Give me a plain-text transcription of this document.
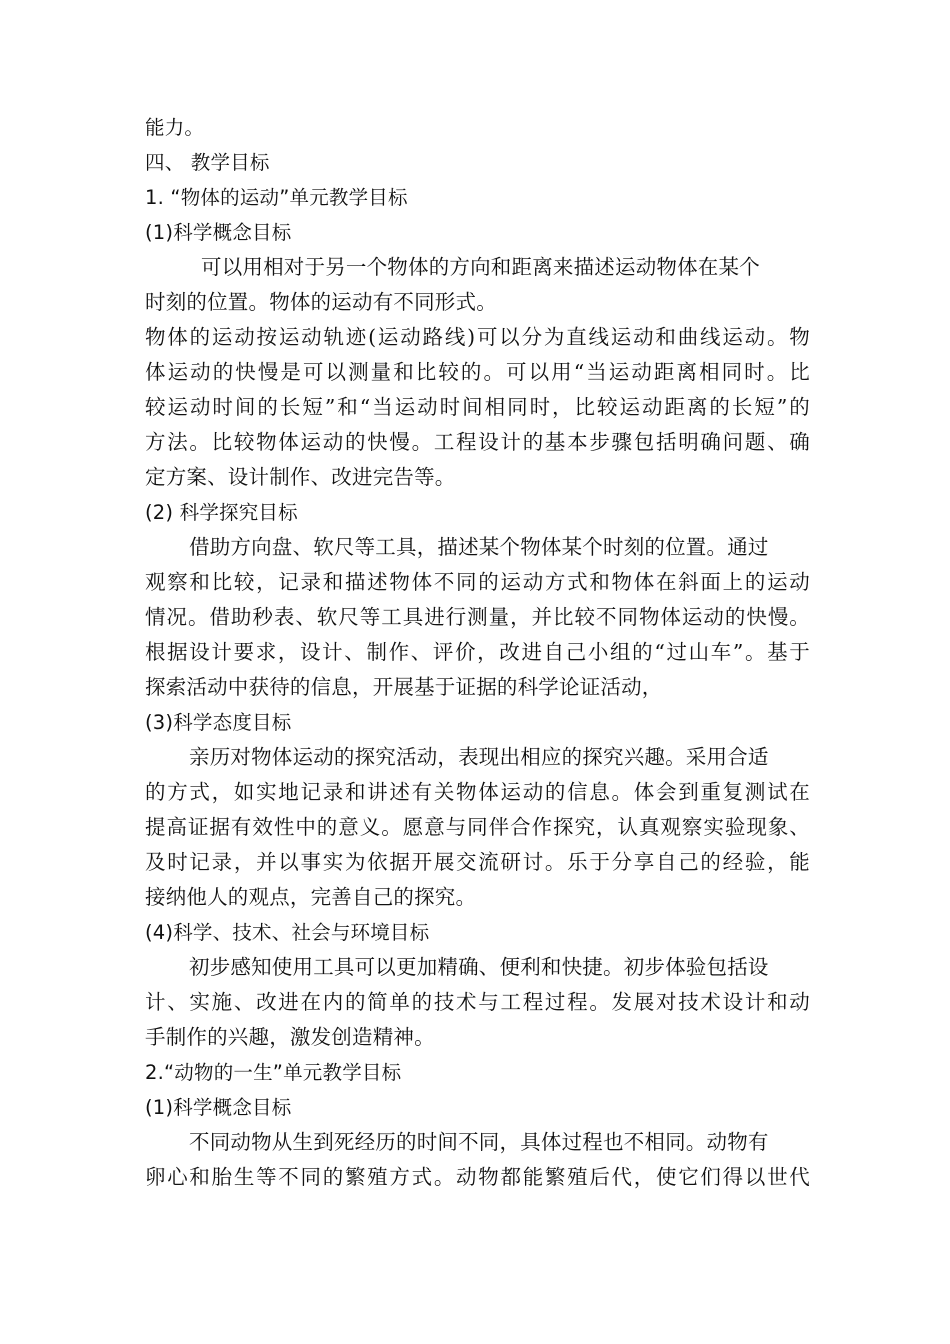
能力。
四、 教学目标
1. “物体的运动”单元教学目标
(1)科学概念目标
可以用相对于另一个物体的方向和距离来描述运动物体在某个
时刻的位置。物体的运动有不同形式。
物体的运动按运动轨迹(运动路线)可以分为直线运动和曲线运动。物
体运动的快慢是可以测量和比较的。可以用“当运动距离相同时。比
较运动时间的长短”和“当运动时间相同时，比较运动距离的长短”的
方法。比较物体运动的快慢。工程设计的基本步骤包括明确问题、确
定方案、设计制作、改进完告等。
(2) 科学探究目标
借助方向盘、软尺等工具，描述某个物体某个时刻的位置。通过
观察和比较，记录和描述物体不同的运动方式和物体在斜面上的运动
情况。借助秒表、软尺等工具进行测量，并比较不同物体运动的快慢。
根据设计要求，设计、制作、评价，改进自己小组的“过山车”。基于
探索活动中获待的信息，开展基于证据的科学论证活动，
(3)科学态度目标
亲历对物体运动的探究活动，表现出相应的探究兴趣。采用合适
的方式，如实地记录和讲述有关物体运动的信息。体会到重复测试在
提高证据有效性中的意义。愿意与同伴合作探究，认真观察实验现象、
及时记录，并以事实为依据开展交流研讨。乐于分享自己的经验，能
接纳他人的观点，完善自己的探究。
(4)科学、技术、社会与环境目标
初步感知使用工具可以更加精确、便利和快捷。初步体验包括设
计、实施、改进在内的简单的技术与工程过程。发展对技术设计和动
手制作的兴趣，激发创造精神。
2.“动物的一生”单元教学目标
(1)科学概念目标
不同动物从生到死经历的时间不同，具体过程也不相同。动物有
卵心和胎生等不同的繁殖方式。动物都能繁殖后代，使它们得以世代
